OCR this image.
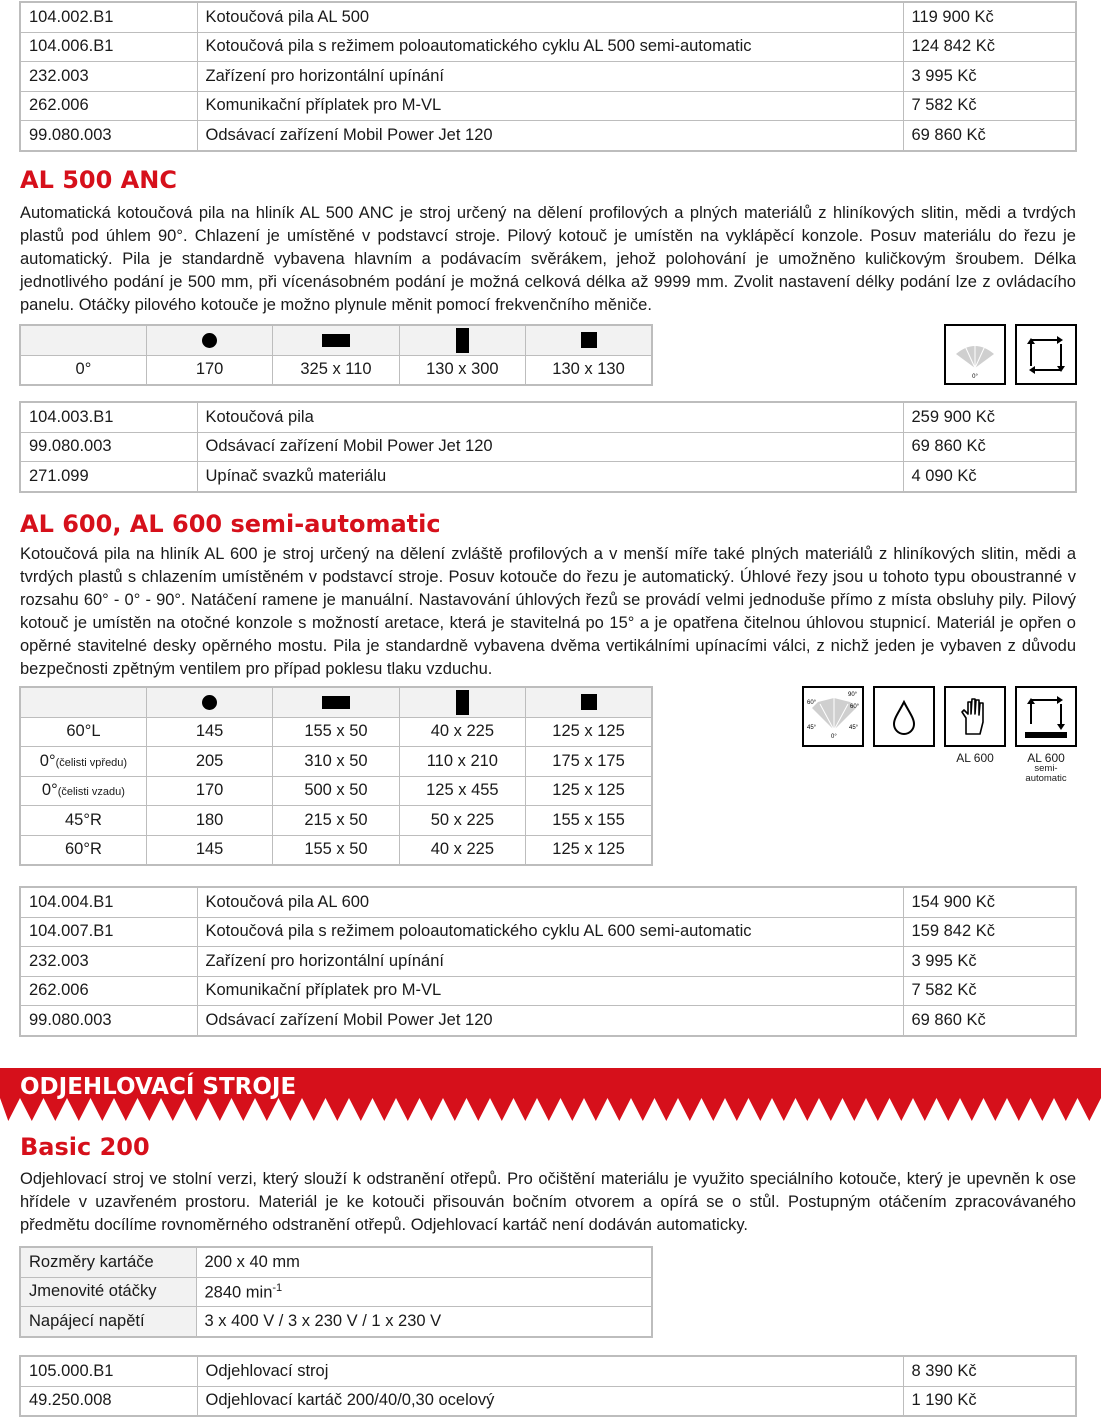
104.002.B1	Kotoučová pila AL 500	119 900 Kč
104.006.B1	Kotoučová pila s režimem poloautomatického cyklu AL 500 semi-automatic	124 842 Kč
232.003	Zařízení pro horizontální upínání	3 995 Kč
262.006	Komunikační příplatek pro M-VL	7 582 Kč
99.080.003	Odsávací zařízení Mobil Power Jet 120	69 860 Kč
AL 500 ANC

Automatická kotoučová pila na hliník AL 500 ANC je stroj určený na dělení profilových a plných materiálů z hliníkových slitin, mědi a tvrdých plastů pod úhlem 90°. Chlazení je umístěné v podstavcí stroje. Pilový kotouč je umístěn na vyklápěcí konzole. Posuv materiálu do řezu je automatický. Pila je standardně vybavena hlavním a podávacím svěrákem, jehož polohování je umožněno kuličkovým šroubem. Délka jednotlivého podání je 500 mm, při vícenásobném podání je možná celková délka až 9999 mm. Zvolit nastavení délky podání lze z ovládacího panelu. Otáčky pilového kotouče je možno plynule měnit pomocí frekvenčního měniče.

0°	170	325 x 110	130 x 300	130 x 130	0°
104.003.B1	Kotoučová pila	259 900 Kč
99.080.003	Odsávací zařízení Mobil Power Jet 120	69 860 Kč
271.099	Upínač svazků materiálu	4 090 Kč
AL 600, AL 600 semi-automatic

Kotoučová pila na hliník AL 600 je stroj určený na dělení zvláště profilových a v menší míře také plných materiálů z hliníkových slitin, mědi a tvrdých plastů s chlazením umístěném v podstavcí stroje. Posuv kotouče do řezu je automatický. Úhlové řezy jsou u tohoto typu oboustranné v rozsahu 60° - 0° - 90°. Natáčení ramene je manuální. Nastavování úhlových řezů se provádí velmi jednoduše přímo z místa obsluhy pily. Pilový kotouč je umístěn na otočné konzole s možností aretace, která je stavitelná po 15° a je opatřena čitelnou úhlovou stupnicí. Materiál je opřen o opěrné stavitelné desky opěrného mostu. Pila je standardně vybavena dvěma vertikálními upínacími válci, z nichž jeden je vybaven z důvodu bezpečnosti zpětným ventilem pro případ poklesu tlaku vzduchu.

60°L	145	155 x 50	40 x 225	125 x 125
0°(čelisti vpředu)	205	310 x 50	110 x 210	175 x 175
0°(čelisti vzadu)	170	500 x 50	125 x 455	125 x 125
45°R	180	215 x 50	50 x 225	155 x 155
60°R	145	155 x 50	40 x 225	125 x 125
60°
90°
60°
45°
0°
45°
AL 600	AL 600
semi-automatic
104.004.B1	Kotoučová pila AL 600	154 900 Kč
104.007.B1	Kotoučová pila s režimem poloautomatického cyklu AL 600 semi-automatic	159 842 Kč
232.003	Zařízení pro horizontální upínání	3 995 Kč
262.006	Komunikační příplatek pro M-VL	7 582 Kč
99.080.003	Odsávací zařízení Mobil Power Jet 120	69 860 Kč
ODJEHLOVACÍ STROJE
Basic 200

Odjehlovací stroj ve stolní verzi, který slouží k odstranění otřepů. Pro očištění materiálu je využito speciálního kotouče, který je upevněn k ose hřídele v uzavřeném prostoru. Materiál je ke kotouči přisouván bočním otvorem a opírá se o stůl. Postupným otáčením zpracovávaného předmětu docílíme rovnoměrného odstranění otřepů. Odjehlovací kartáč není dodáván automaticky.

Rozměry kartáče	200 x 40 mm
Jmenovité otáčky	2840 $\min^{-1}$
Napájecí napětí	3 x 400 V / 3 x 230 V / 1 x 230 V
105.000.B1	Odjehlovací stroj	8 390 Kč
49.250.008	Odjehlovací kartáč 200/40/0,30 ocelový	1 190 Kč
